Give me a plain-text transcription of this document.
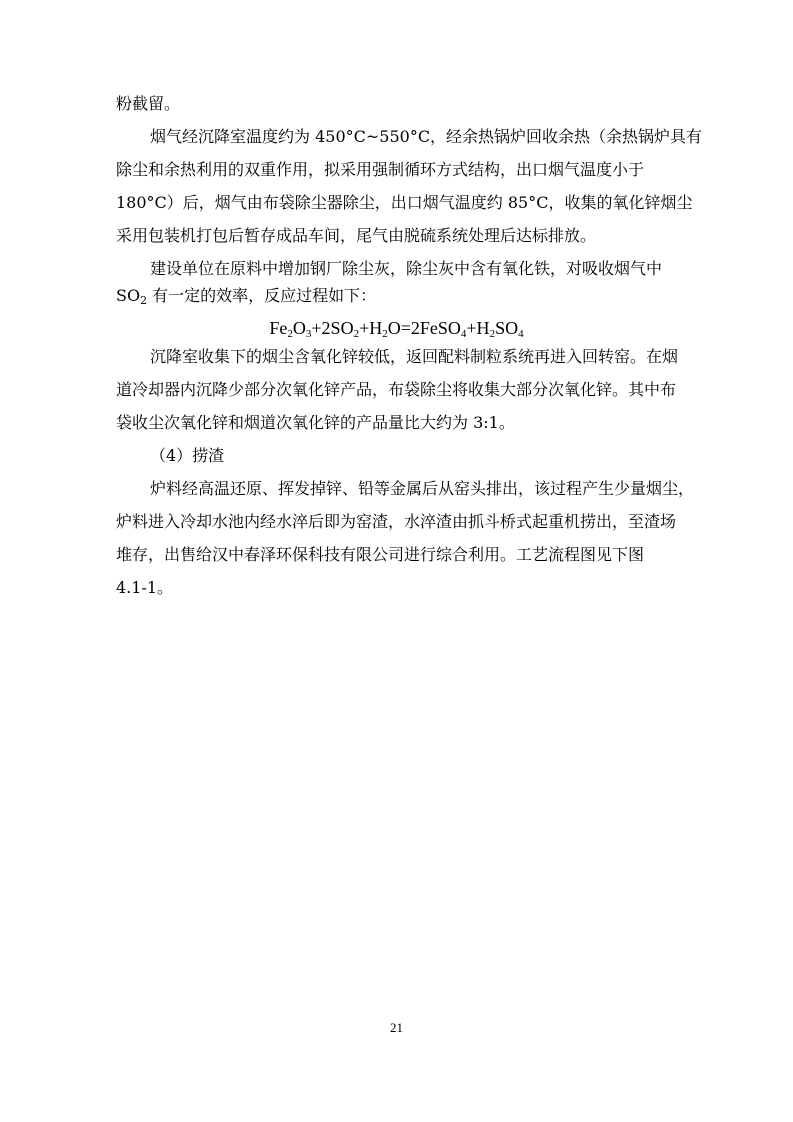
粉截留。
烟气经沉降室温度约为 450°C~550°C，经余热锅炉回收余热（余热锅炉具有
除尘和余热利用的双重作用，拟采用强制循环方式结构，出口烟气温度小于
180°C）后，烟气由布袋除尘器除尘，出口烟气温度约 85°C，收集的氧化锌烟尘
采用包装机打包后暂存成品车间，尾气由脱硫系统处理后达标排放。
建设单位在原料中增加钢厂除尘灰，除尘灰中含有氧化铁，对吸收烟气中
$SO_2$ 有一定的效率，反应过程如下：
$Fe_2O_3+2SO_2+H_2O=2FeSO_4+H_2SO_4$
沉降室收集下的烟尘含氧化锌较低，返回配料制粒系统再进入回转窑。在烟
道冷却器内沉降少部分次氧化锌产品，布袋除尘将收集大部分次氧化锌。其中布
袋收尘次氧化锌和烟道次氧化锌的产品量比大约为 3:1。
（4）捞渣
炉料经高温还原、挥发掉锌、铅等金属后从窑头排出，该过程产生少量烟尘，
炉料进入冷却水池内经水淬后即为窑渣，水淬渣由抓斗桥式起重机捞出，至渣场
堆存，出售给汉中春泽环保科技有限公司进行综合利用。工艺流程图见下图
4.1-1。
21
